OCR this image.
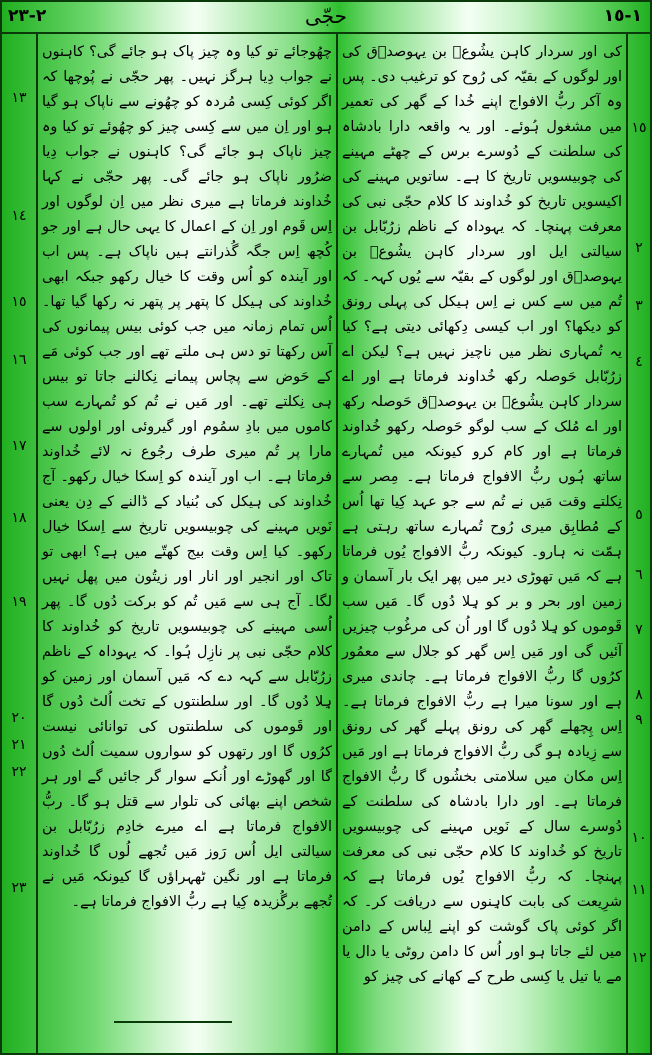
٢-٢٣	حجّی	١-١٥
١٥
٢
٣
٤
٥
٦
٧
٨
٩
١٠
١١
١٢
١٣
١٤
١٥
١٦
١٧
١٨
١٩
٢٠
٢١
٢٢
٢٣

کی اور سردار کاہن یشُوعؔ بن یہوصدؔق کی اور لوگوں کے بقیّہ کی رُوح کو ترغیب دی۔ پس وہ آکر ربُّ الافواج اپنے خُدا کے گھر کی تعمیر میں مشغول ہُوئے۔ اور یہ واقعہ دارا بادشاہ کی سلطنت کے دُوسرے برس کے چھٹے مہینے کی چوبیسویں تاریخ کا ہے۔ ساتویں مہینے کی اکیسویں تاریخ کو خُداوند کا کلام حجّی نبی کی معرفت پہنچا۔ کہ یہوداہ کے ناظم زرُبّابل بن سیالتی ایل اور سردار کاہن یشُوعؔ بن یہوصدؔق اور لوگوں کے بقیّہ سے یُوں کہہ۔ کہ تُم میں سے کس نے اِس ہیکل کی پہلی رونق کو دیکھا؟ اور اب کیسی دِکھائی دیتی ہے؟ کیا یہ تُمہاری نظر میں ناچیز نہیں ہے؟ لیکن اے زرُبّابل حَوصلہ رکھ خُداوند فرماتا ہے اور اے سردار کاہن یشُوعؔ بن یہوصدؔق حَوصلہ رکھ اور اے مُلک کے سب لوگو حَوصلہ رکھو خُداوند فرماتا ہے اور کام کرو کیونکہ میں تُمہارے ساتھ ہُوں ربُّ الافواج فرماتا ہے۔ مِصر سے نِکلتے وقت مَیں نے تُم سے جو عہد کِیا تھا اُس کے مُطابِق میری رُوح تُمہارے ساتھ رہتی ہے ہمّت نہ ہارو۔ کیونکہ ربُّ الافواج یُوں فرماتا ہے کہ مَیں تھوڑی دیر میں پھر ایک بار آسمان و زمین اور بحر و بر کو ہِلا دُوں گا۔ مَیں سب قَوموں کو ہِلا دُوں گا اور اُن کی مرغُوب چیزیں آئیں گی اور مَیں اِس گھر کو جلال سے معمُور کرُوں گا ربُّ الافواج فرماتا ہے۔ چاندی میری ہے اور سونا میرا ہے ربُّ الافواج فرماتا ہے۔ اِس پِچھلے گھر کی رونق پہلے گھر کی رونق سے زِیادہ ہو گی ربُّ الافواج فرماتا ہے اور مَیں اِس مکان میں سلامتی بخشُوں گا ربُّ الافواج فرماتا ہے۔ اور دارا بادشاہ کی سلطنت کے دُوسرے سال کے نَویں مہینے کی چوبیسویں تاریخ کو خُداوند کا کلام حجّی نبی کی معرفت پہنچا۔ کہ ربُّ الافواج یُوں فرماتا ہے کہ شرِیعت کی بابت کاہِنوں سے دریافت کر۔ کہ اگر کوئی پاک گوشت کو اپنے لِباس کے دامن میں لئے جاتا ہو اور اُس کا دامن روٹی یا دال یا مے یا تیل یا کِسی طرح کے کھانے کی چیز کو

چھُوجائے تو کیا وہ چیز پاک ہو جائے گی؟ کاہنوں نے جواب دِیا ہرگز نہیں۔ پھر حجّی نے پُوچھا کہ اگر کوئی کِسی مُردہ کو چھُونے سے ناپاک ہو گیا ہو اور اِن میں سے کِسی چیز کو چھُوئے تو کیا وہ چیز ناپاک ہو جائے گی؟ کاہنوں نے جواب دِیا ضرُور ناپاک ہو جائے گی۔ پھر حجّی نے کہا خُداوند فرماتا ہے میری نظر میں اِن لوگوں اور اِس قَوم اور اِن کے اعمال کا یہی حال ہے اور جو کُچھ اِس جگہ گُذرانتے ہیں ناپاک ہے۔ پس اب اور آیندہ کو اُس وقت کا خیال رکھو جبکہ ابھی خُداوند کی ہیکل کا پتھر پر پتھر نہ رکھا گیا تھا۔ اُس تمام زمانہ میں جب کوئی بیس پیمانوں کی آس رکھتا تو دس ہی ملتے تھے اور جب کوئی مَے کے حَوض سے پچاس پیمانے نِکالنے جاتا تو بیس ہی نِکلتے تھے۔ اور مَیں نے تُم کو تُمہارے سب کاموں میں بادِ سمُوم اور گیروئی اور اولوں سے مارا پر تُم میری طرف رجُوع نہ لائے خُداوند فرماتا ہے۔ اب اور آیندہ کو اِسکا خیال رکھو۔ آج خُداوند کی ہیکل کی بُنیاد کے ڈالنے کے دِن یعنی نَویں مہینے کی چوبیسویں تاریخ سے اِسکا خیال رکھو۔ کیا اِس وقت بیج کھتّے میں ہے؟ ابھی تو تاک اور انجیر اور انار اور زیتُون میں پھل نہیں لگا۔ آج ہی سے مَیں تُم کو برکت دُوں گا۔ پھر اُسی مہینے کی چوبیسویں تاریخ کو خُداوند کا کلام حجّی نبی پر نازِل ہُوا۔ کہ یہوداہ کے ناظم زرُبّابل سے کہہ دے کہ مَیں آسمان اور زمین کو ہِلا دُوں گا۔ اور سلطنتوں کے تخت اُلٹ دُوں گا اور قَوموں کی سلطنتوں کی توانائی نیست کرُوں گا اور رتھوں کو سواروں سمیت اُلٹ دُوں گا اور گھوڑے اور اُنکے سوار گر جائیں گے اور ہر شخص اپنے بھائی کی تلوار سے قتل ہو گا۔ ربُّ الافواج فرماتا ہے اے میرے خادِم زرُبّابل بن سیالتی ایل اُس رَوز مَیں تُجھے لُوں گا خُداوند فرماتا ہے اور نگین ٹھہراؤں گا کیونکہ مَیں نے تُجھے برگُزیدہ کِیا ہے ربُّ الافواج فرماتا ہے۔
